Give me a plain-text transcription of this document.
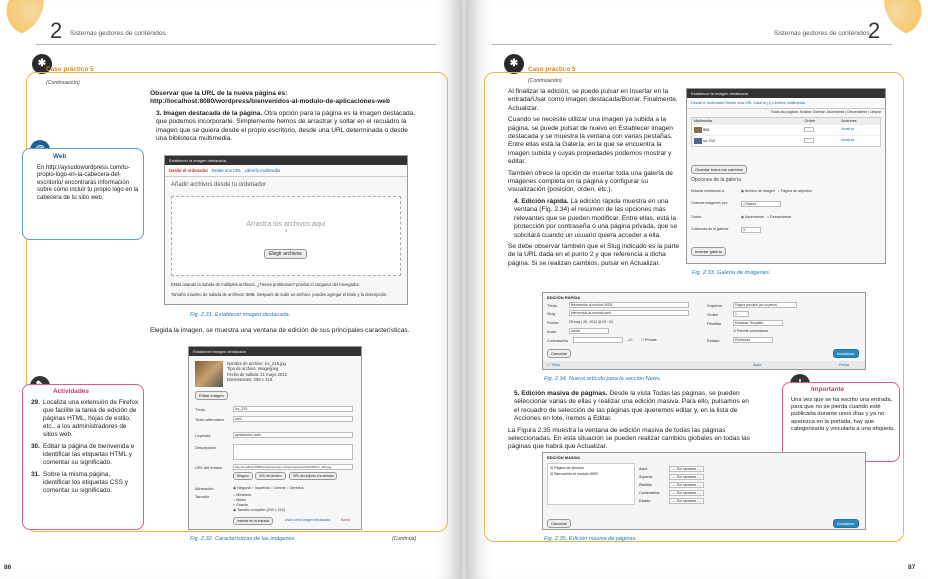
2 Sistemas gestores de contenidos
✱
Caso práctico 5
(Continuación)

Observar que la URL de la nueva página es: http://localhost:8080/wordpress/bienvenidos-al-modulo-de-aplicaciones-web

3. Imagen destacada de la página. Otra opción para la página es la imagen destacada, que podemos incorporarle. Simplemente hemos de arrastrar y soltar en el recuadro la imagen que se quiera desde el propio escritorio, desde una URL determinada o desde una biblioteca multimedia.

Establecer la imagen destacada
Desde el ordenador Desde una URL Librería multimedia
Añadir archivos desde tu ordenador
Arrastra los archivos aquí
o
Elegir archivos
Estás usando la subida de múltiples archivos. ¿Tienes problemas? prueba el cargador del navegador.
Tamaño máximo de subida de archivos: 8MB. Después de subir un archivo, puedes agregar el título y la descripción.
Fig. 2.31. Establecer imagen destacada.
Elegida la imagen, se muestra una ventana de edición de sus principales características.
Establecer imagen destacada
Nombre de archivo: icc_215.jpg
Tipo de archivo: image/jpeg
Fecha de subida: 21 mayo 2012
Dimensiones: 209 × 215
Editar imagen
Título	icc_215
Texto alternativo	web
Leyenda	apliaciones web
Descripción
URL del enlace	http://localhost:8080/wordpress/wp-content/uploads/2012/05/icc_215.jpg
Ninguno	URL del archivo	URL del adjunto a la entrada
Alineación	◉ Ninguna ○ Izquierda ○ Centrar ○ Derecha
Tamaño	○ Miniatura
○ Medio
○ Grande
◉ Tamaño completo (209 × 215)
Insertar en la entrada	Usar como imagen destacada	Borrar
Fig. 2.32. Características de las imágenes.	(Continúa)
Web
En http://aysudowordpress.com/tu-propio-logo-en-la-cabecera-del-escritorio/ encontrarás información sobre cómo incluir tu propio logo en la cabecera de tu sitio web.
Actividades
29. Localiza una extensión de Firefox que facilite la tarea de edición de páginas HTML, hojas de estilo, etc., a los administradores de sitios web.
30. Editar la página de bienvenida e identificar las etiquetas HTML y comentar su significado.
31. Sobre la misma página, identificar los etiquetas CSS y comentar su significado.
86
Sistemas gestores de contenidos
2
✱
Caso práctico 5
(Continuación)

Al finalizar la edición, se puede pulsar en Insertar en la entrada/Usar como imagen destacada/Borrar. Finalmente, Actualizar.

Cuando se necesite utilizar una imagen ya subida a la página, se puede pulsar de nuevo en Establecer imagen destacada y se muestra la ventana con varias pestañas. Entre ellas está la Galería, en la que se encuentra la imagen subida y cuyas propiedades podemos mostrar y editar.

También ofrece la opción de insertar toda una galería de imágenes completa en la página y configurar su visualización (posición, orden, etc.).

4. Edición rápida. La edición rápida muestra en una ventana (Fig. 2.34) el resumen de las opciones más relevantes que se pueden modificar. Entre ellas, está la protección por contraseña o una página privada, que se solicitará cuando un usuario quiera acceder a ella.

Se debe observar también que el Slug indicado es la parte de la URL dada en el punto 2 y que referencia a dicha página. Si se realizan cambios, pulsar en Actualizar.

Establecer la imagen destacada
Desde el ordenador Desde una URL Galería (1) Librería multimedia
Todas las páginas: Mostrar Ordenar: Ascendente | Descendente | Limpiar
Multimedia	Orden	Acciones
808	Mostrar
icc 215	Mostrar
Guardar todos los cambios
Opciones de la galería
Enlazar miniaturas a:	◉ Archivo de imagen   ○ Página de adjuntos
Ordenar imágenes por:	¿Galería
Orden:	◉ Ascendente   ○ Descendente
Columnas de la galería:	3
Insertar galería
Fig. 2.33. Galería de imágenes.
EDICIÓN RÁPIDA
Título	Bienvenido al módulo WEB
Slug	bienvenido-al-modulo-web
Fecha	05-may | 26 , 2012 @ 09 : 03
Autor	admin
Contraseña	–O– ☐ Privada
Superior	Página principal (sin superior)
Orden	1
Plantilla	Estándar Template
☑ Permitir comentarios
Estado	Publicada
Cancelar	Actualizar
☐ Título	Autor	Fecha
Fig. 2.34. Nueva artículo para la sección News.

5. Edición masiva de páginas. Desde la vista Todas las páginas, se pueden seleccionar varias de ellas y realizar una edición masiva. Para ello, pulsamos en el recuadro de selección de las páginas que queremos editar y, en la lista de Acciones en lote, iremos a Editar.

La Figura 2.35 muestra la ventana de edición masiva de todas las páginas seleccionadas. En esta situación se pueden realizar cambios globales en todas las páginas que habrá que Actualizar.

Importante
Una vez que se ha escrito una entrada, para que no se pierda cuando esté publicada durante unos días y ya no aparezca en la portada, hay que categorizarla y vincularla a una etiqueta.
EDICIÓN MASIVA
☒ Página de ejemplo
☒ Bienvenido al módulo WEB
Autor	— Sin cambios —
Superior	— Sin cambios —
Plantilla	— Sin cambios —
Comentarios	— Sin cambios —
Estado	— Sin cambios —
Cancelar	Actualizar
Fig. 2.35. Edición masiva de páginas.
87
